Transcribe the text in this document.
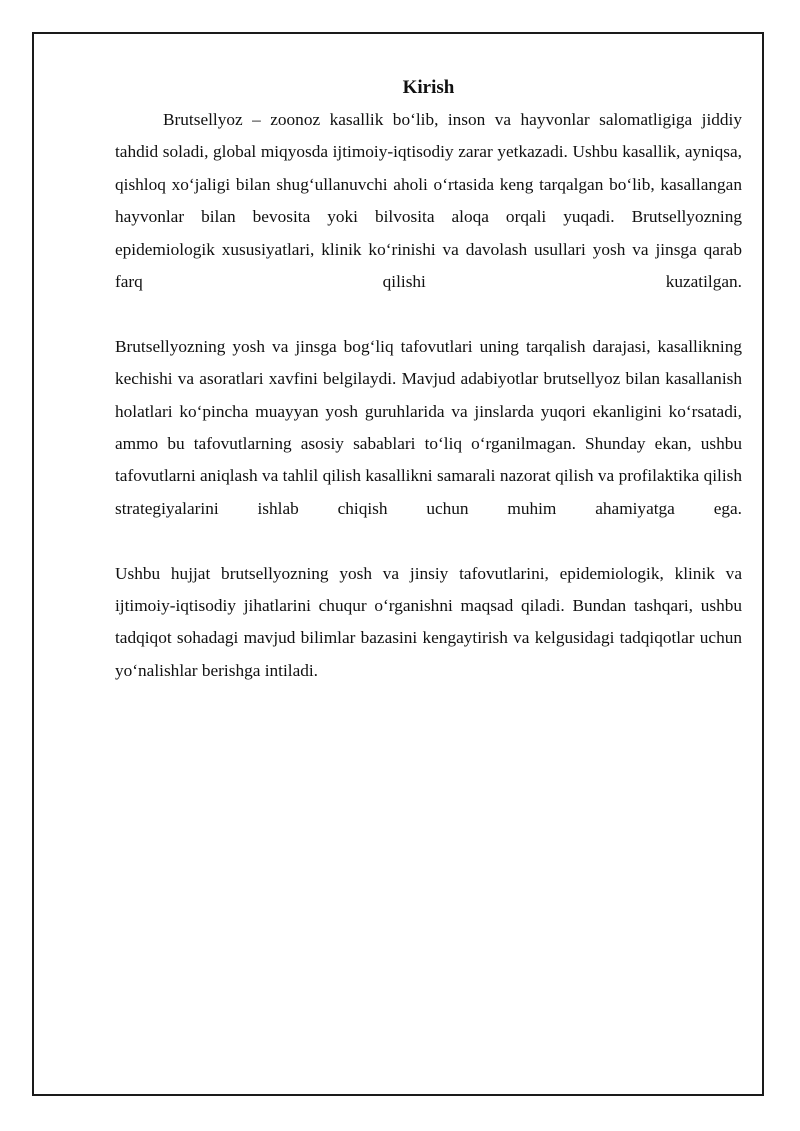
Kirish

Brutsellyoz – zoonoz kasallik bo‘lib, inson va hayvonlar salomatligiga jiddiy tahdid soladi, global miqyosda ijtimoiy-iqtisodiy zarar yetkazadi. Ushbu kasallik, ayniqsa, qishloq xo‘jaligi bilan shug‘ullanuvchi aholi o‘rtasida keng tarqalgan bo‘lib, kasallangan hayvonlar bilan bevosita yoki bilvosita aloqa orqali yuqadi. Brutsellyozning epidemiologik xususiyatlari, klinik ko‘rinishi va davolash usullari yosh va jinsga qarab farq qilishi kuzatilgan.

Brutsellyozning yosh va jinsga bog‘liq tafovutlari uning tarqalish darajasi, kasallikning kechishi va asoratlari xavfini belgilaydi. Mavjud adabiyotlar brutsellyoz bilan kasallanish holatlari ko‘pincha muayyan yosh guruhlarida va jinslarda yuqori ekanligini ko‘rsatadi, ammo bu tafovutlarning asosiy sabablari to‘liq o‘rganilmagan. Shunday ekan, ushbu tafovutlarni aniqlash va tahlil qilish kasallikni samarali nazorat qilish va profilaktika qilish strategiyalarini ishlab chiqish uchun muhim ahamiyatga ega.

Ushbu hujjat brutsellyozning yosh va jinsiy tafovutlarini, epidemiologik, klinik va ijtimoiy-iqtisodiy jihatlarini chuqur o‘rganishni maqsad qiladi. Bundan tashqari, ushbu tadqiqot sohadagi mavjud bilimlar bazasini kengaytirish va kelgusidagi tadqiqotlar uchun yo‘nalishlar berishga intiladi.
